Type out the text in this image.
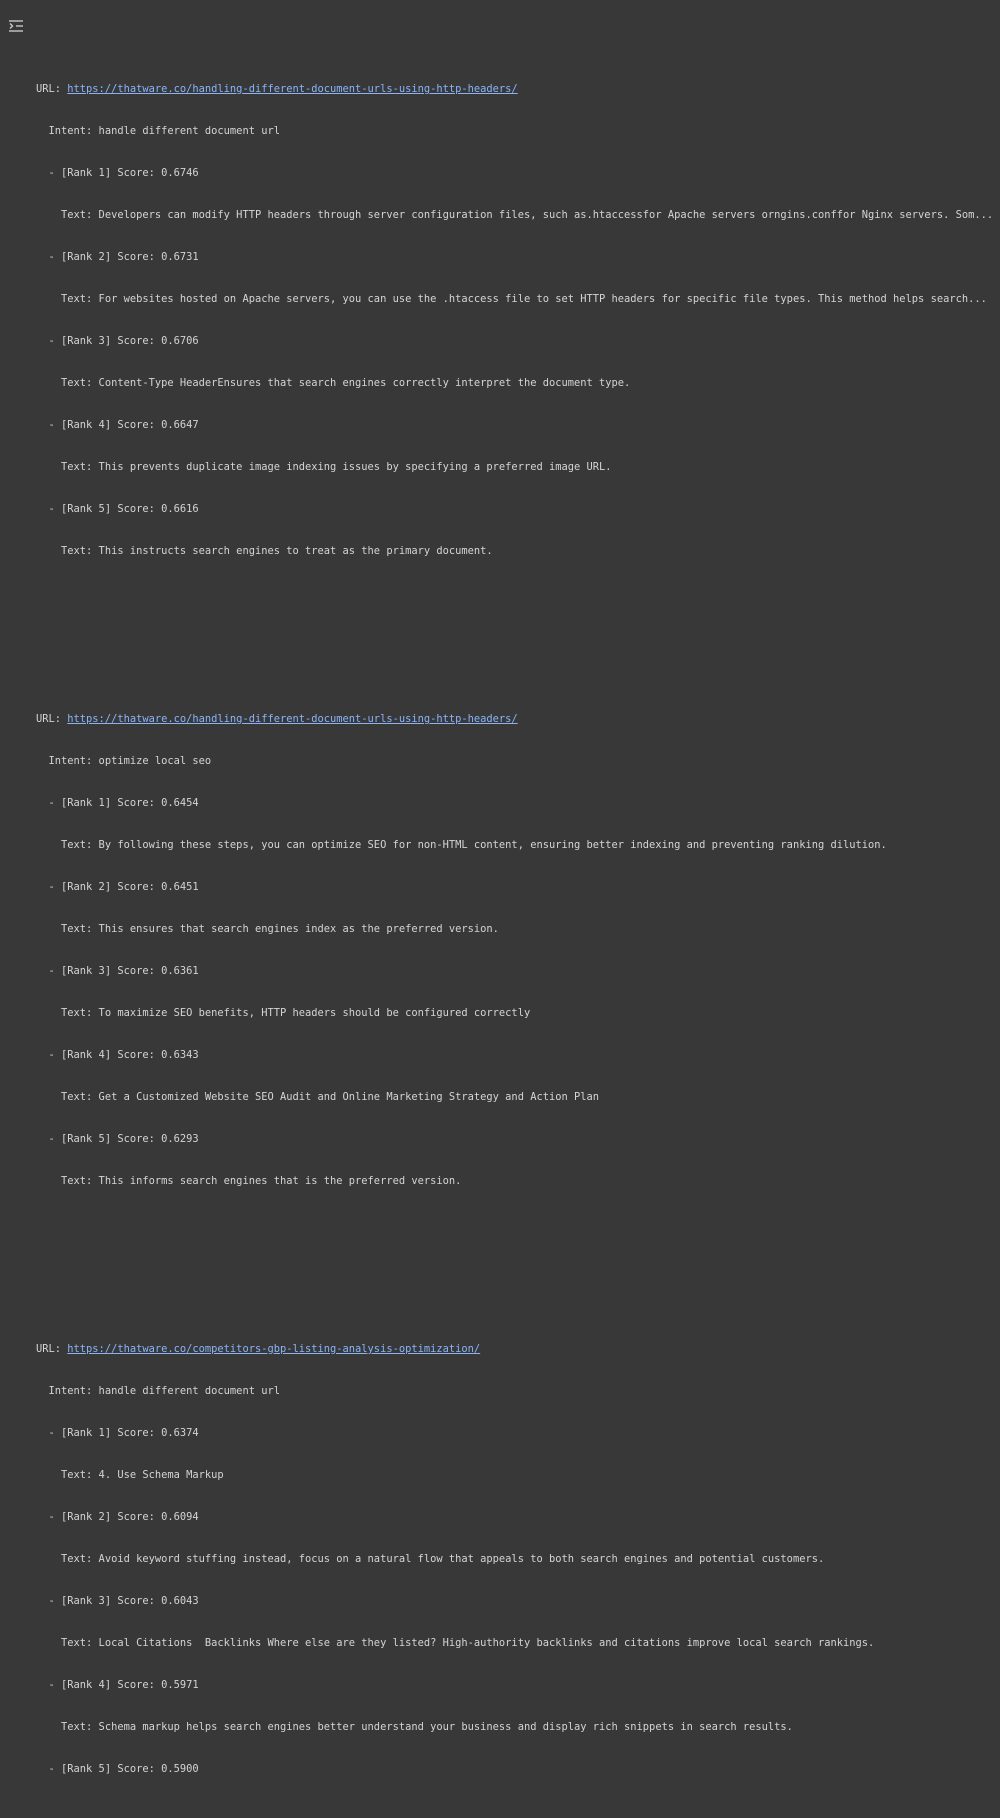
URL: https://thatware.co/handling-different-document-urls-using-http-headers/

Intent: handle different document url

- [Rank 1] Score: 0.6746

Text: Developers can modify HTTP headers through server configuration files, such as.htaccessfor Apache servers orngins.conffor Nginx servers. Som...

- [Rank 2] Score: 0.6731

Text: For websites hosted on Apache servers, you can use the .htaccess file to set HTTP headers for specific file types. This method helps search...

- [Rank 3] Score: 0.6706

Text: Content-Type HeaderEnsures that search engines correctly interpret the document type.

- [Rank 4] Score: 0.6647

Text: This prevents duplicate image indexing issues by specifying a preferred image URL.

- [Rank 5] Score: 0.6616

Text: This instructs search engines to treat as the primary document.

URL: https://thatware.co/handling-different-document-urls-using-http-headers/

Intent: optimize local seo

- [Rank 1] Score: 0.6454

Text: By following these steps, you can optimize SEO for non-HTML content, ensuring better indexing and preventing ranking dilution.

- [Rank 2] Score: 0.6451

Text: This ensures that search engines index as the preferred version.

- [Rank 3] Score: 0.6361

Text: To maximize SEO benefits, HTTP headers should be configured correctly

- [Rank 4] Score: 0.6343

Text: Get a Customized Website SEO Audit and Online Marketing Strategy and Action Plan

- [Rank 5] Score: 0.6293

Text: This informs search engines that is the preferred version.

URL: https://thatware.co/competitors-gbp-listing-analysis-optimization/

Intent: handle different document url

- [Rank 1] Score: 0.6374

Text: 4. Use Schema Markup

- [Rank 2] Score: 0.6094

Text: Avoid keyword stuffing instead, focus on a natural flow that appeals to both search engines and potential customers.

- [Rank 3] Score: 0.6043

Text: Local Citations  Backlinks Where else are they listed? High-authority backlinks and citations improve local search rankings.

- [Rank 4] Score: 0.5971

Text: Schema markup helps search engines better understand your business and display rich snippets in search results.

- [Rank 5] Score: 0.5900
